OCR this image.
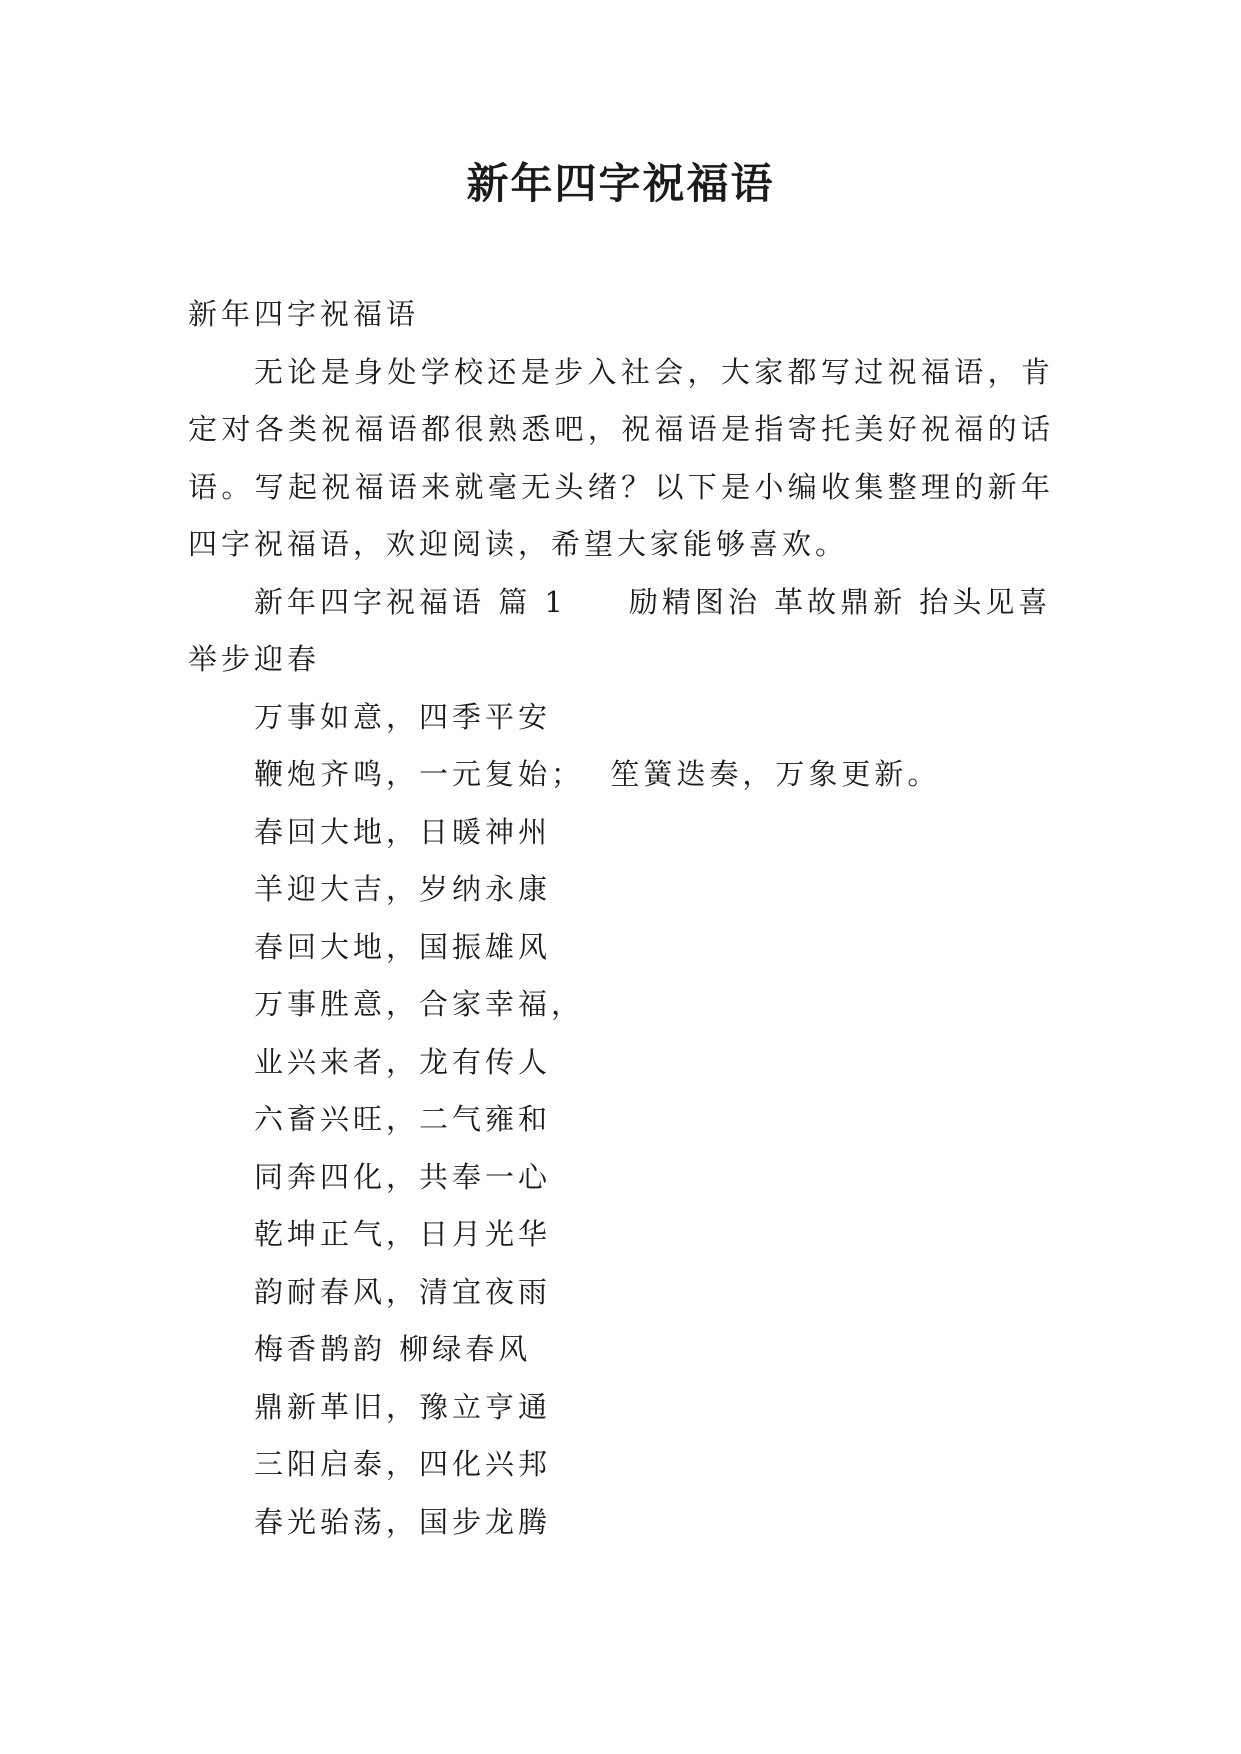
新年四字祝福语

新年四字祝福语

无论是身处学校还是步入社会，大家都写过祝福语，肯定对各类祝福语都很熟悉吧，祝福语是指寄托美好祝福的话语。写起祝福语来就毫无头绪？以下是小编收集整理的新年四字祝福语，欢迎阅读，希望大家能够喜欢。

新年四字祝福语 篇 1 励精图治 革故鼎新 抬头见喜 举步迎春

万事如意，四季平安
鞭炮齐鸣，一元复始；  笙簧迭奏，万象更新。
春回大地，日暖神州
羊迎大吉，岁纳永康
春回大地，国振雄风
万事胜意，合家幸福，
业兴来者，龙有传人
六畜兴旺，二气雍和
同奔四化，共奉一心
乾坤正气，日月光华
韵耐春风，清宜夜雨
梅香鹊韵 柳绿春风
鼎新革旧，豫立亨通
三阳启泰，四化兴邦
春光骀荡，国步龙腾
